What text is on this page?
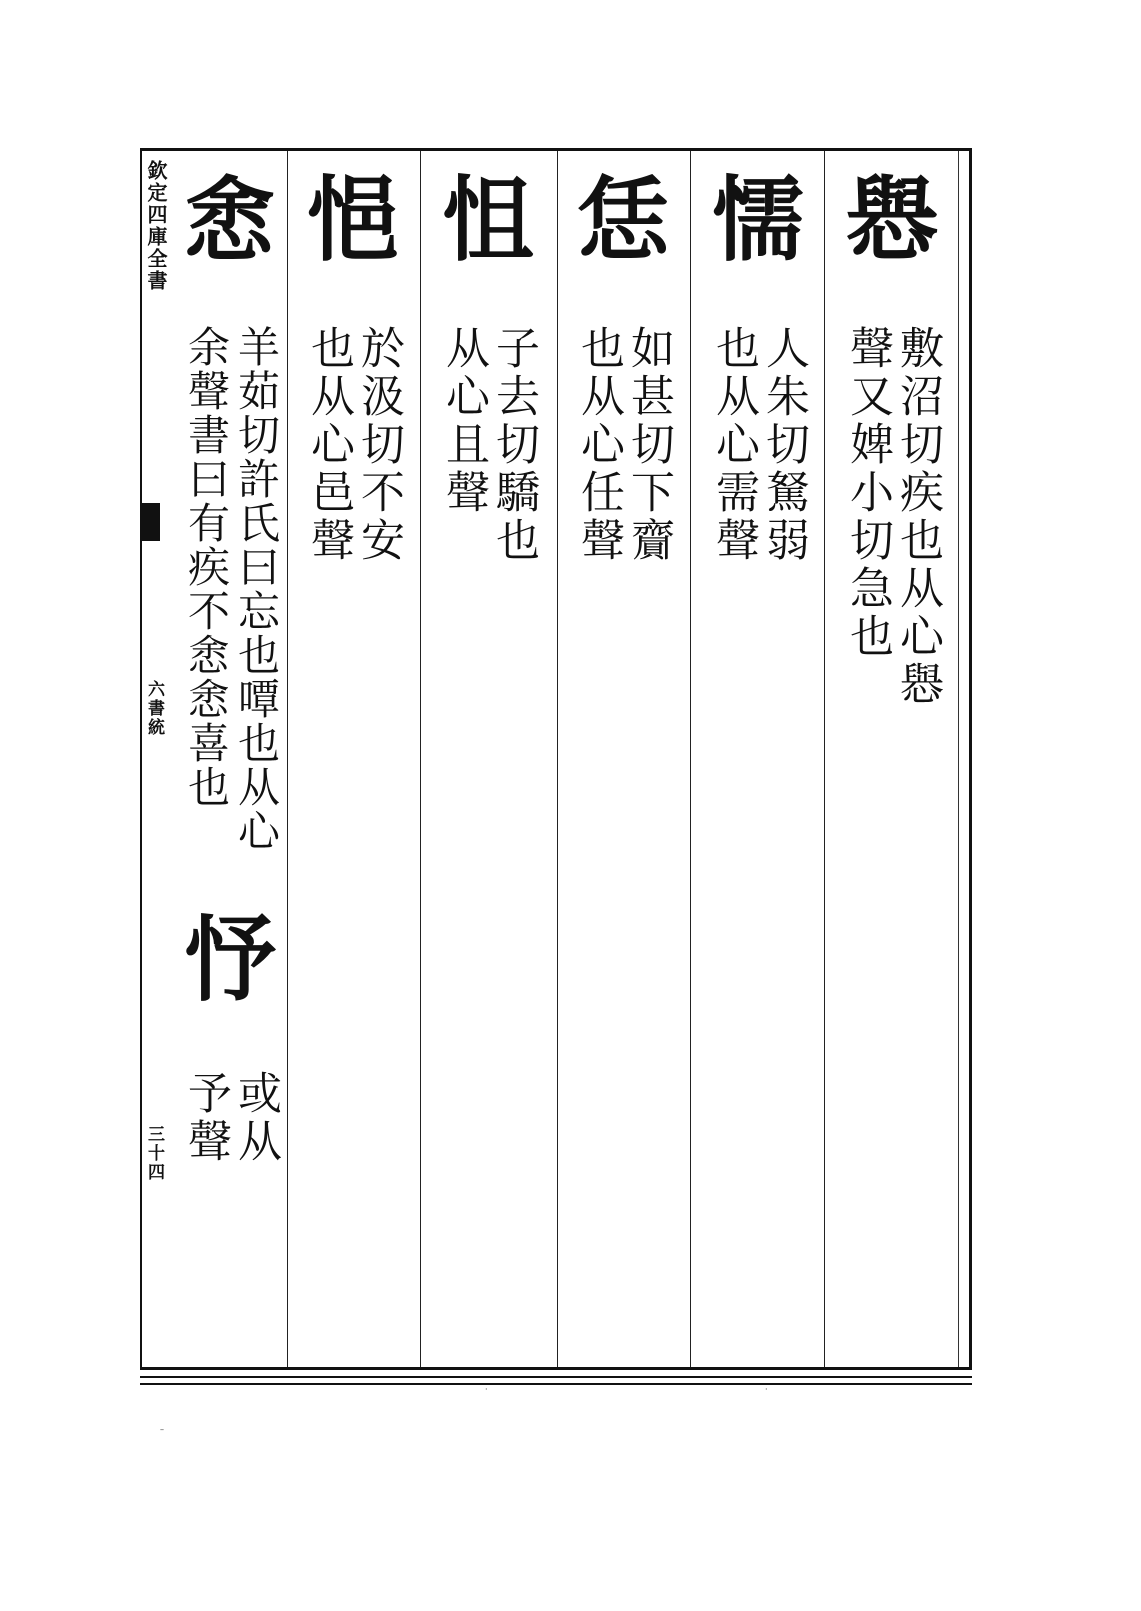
欽定四庫全書
六書統
三十四
㦛
敷沼切疾也从心㦛
聲又婢小切急也
懦
人朱切駑弱
也从心需聲
恁
如甚切下齎
也从心任聲
怚
子去切驕也
从心且聲
悒
於汲切不安
也从心邑聲
悆
羊茹切許氏曰忘也嘾也从心
余聲書曰有疾不悆悆喜也
忬
或从
予聲
–
·	·
